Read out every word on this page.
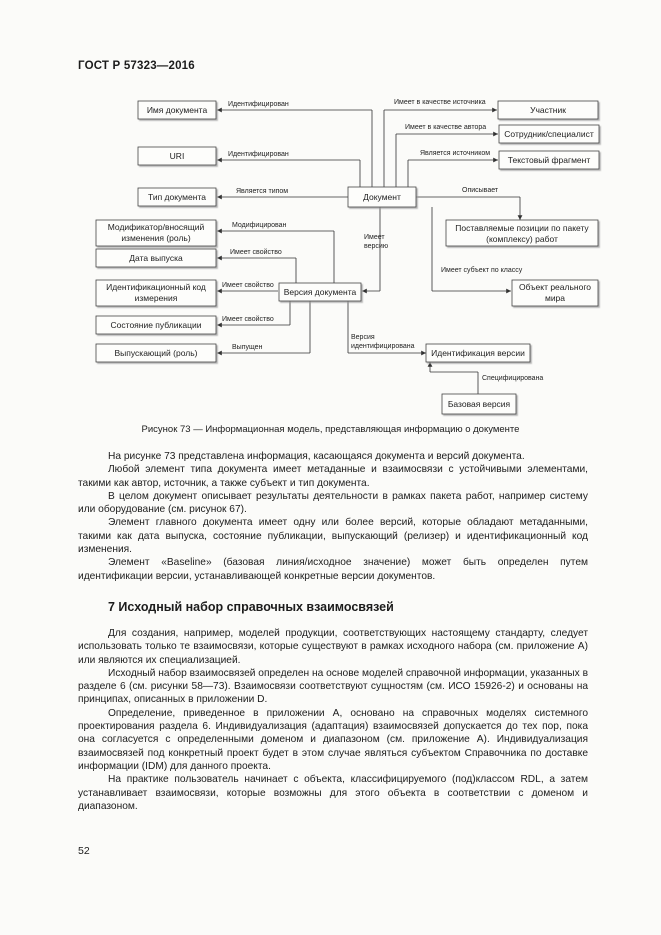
ГОСТ Р 57323—2016
Имя документа
URI
Тип документа
Модификатор/вносящий
изменения (роль)
Дата выпуска
Идентификационный код
измерения
Состояние публикации
Выпускающий (роль)
Документ
Версия документа
Идентификация версии
Базовая версия
Участник
Сотрудник/специалист
Текстовый фрагмент
Поставляемые позиции по пакету
(комплексу) работ
Объект реального
мира
Идентифицирован
Идентифицирован
Является типом
Модифицирован
Имеет свойство
Имеет свойство
Имеет свойство
Выпущен
Имеет
версию
Версия
идентифицирована
Специфицирована
Имеет в качестве источника
Имеет в качестве автора
Является источником
Описывает
Имеет субъект по классу
Рисунок 73 — Информационная модель, представляющая информацию о документе

На рисунке 73 представлена информация, касающаяся документа и версий документа.

Любой элемент типа документа имеет метаданные и взаимосвязи с устойчивыми элементами, такими как автор, источник, а также субъект и тип документа.

В целом документ описывает результаты деятельности в рамках пакета работ, например систему или оборудование (см. рисунок 67).

Элемент главного документа имеет одну или более версий, которые обладают метаданными, такими как дата выпуска, состояние публикации, выпускающий (релизер) и идентификационный код изменения.

Элемент «Baseline» (базовая линия/исходное значение) может быть определен путем идентификации версии, устанавливающей конкретные версии документов.

7 Исходный набор справочных взаимосвязей

Для создания, например, моделей продукции, соответствующих настоящему стандарту, следует использовать только те взаимосвязи, которые существуют в рамках исходного набора (см. приложение А) или являются их специализацией.

Исходный набор взаимосвязей определен на основе моделей справочной информации, указанных в разделе 6 (см. рисунки 58—73). Взаимосвязи соответствуют сущностям (см. ИСО 15926-2) и основаны на принципах, описанных в приложении D.

Определение, приведенное в приложении А, основано на справочных моделях системного проектирования раздела 6. Индивидуализация (адаптация) взаимосвязей допускается до тех пор, пока она согласуется с определенными доменом и диапазоном (см. приложение А). Индивидуализация взаимосвязей под конкретный проект будет в этом случае являться субъектом Справочника по доставке информации (IDM) для данного проекта.

На практике пользователь начинает с объекта, классифицируемого (под)классом RDL, а затем устанавливает взаимосвязи, которые возможны для этого объекта в соответствии с доменом и диапазоном.

52
